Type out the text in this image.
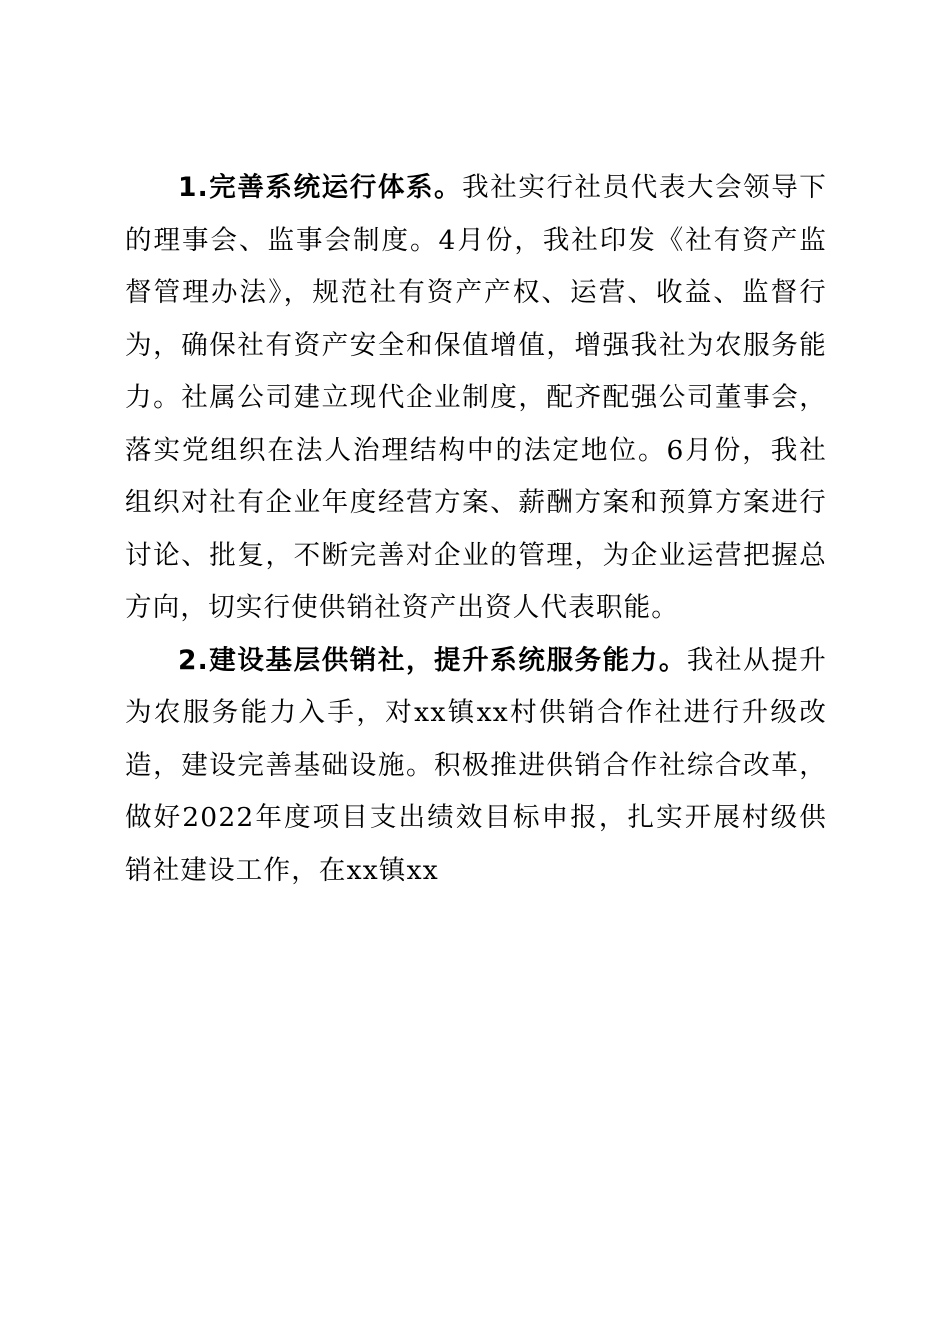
1.完善系统运行体系。我社实行社员代表大会领导下的理事会、监事会制度。4月份，我社印发《社有资产监督管理办法》，规范社有资产产权、运营、收益、监督行为，确保社有资产安全和保值增值，增强我社为农服务能力。社属公司建立现代企业制度，配齐配强公司董事会，落实党组织在法人治理结构中的法定地位。6月份，我社组织对社有企业年度经营方案、薪酬方案和预算方案进行讨论、批复，不断完善对企业的管理，为企业运营把握总方向，切实行使供销社资产出资人代表职能。

2.建设基层供销社，提升系统服务能力。我社从提升为农服务能力入手，对xx镇xx村供销合作社进行升级改造，建设完善基础设施。积极推进供销合作社综合改革，做好2022年度项目支出绩效目标申报，扎实开展村级供销社建设工作，在xx镇xx
